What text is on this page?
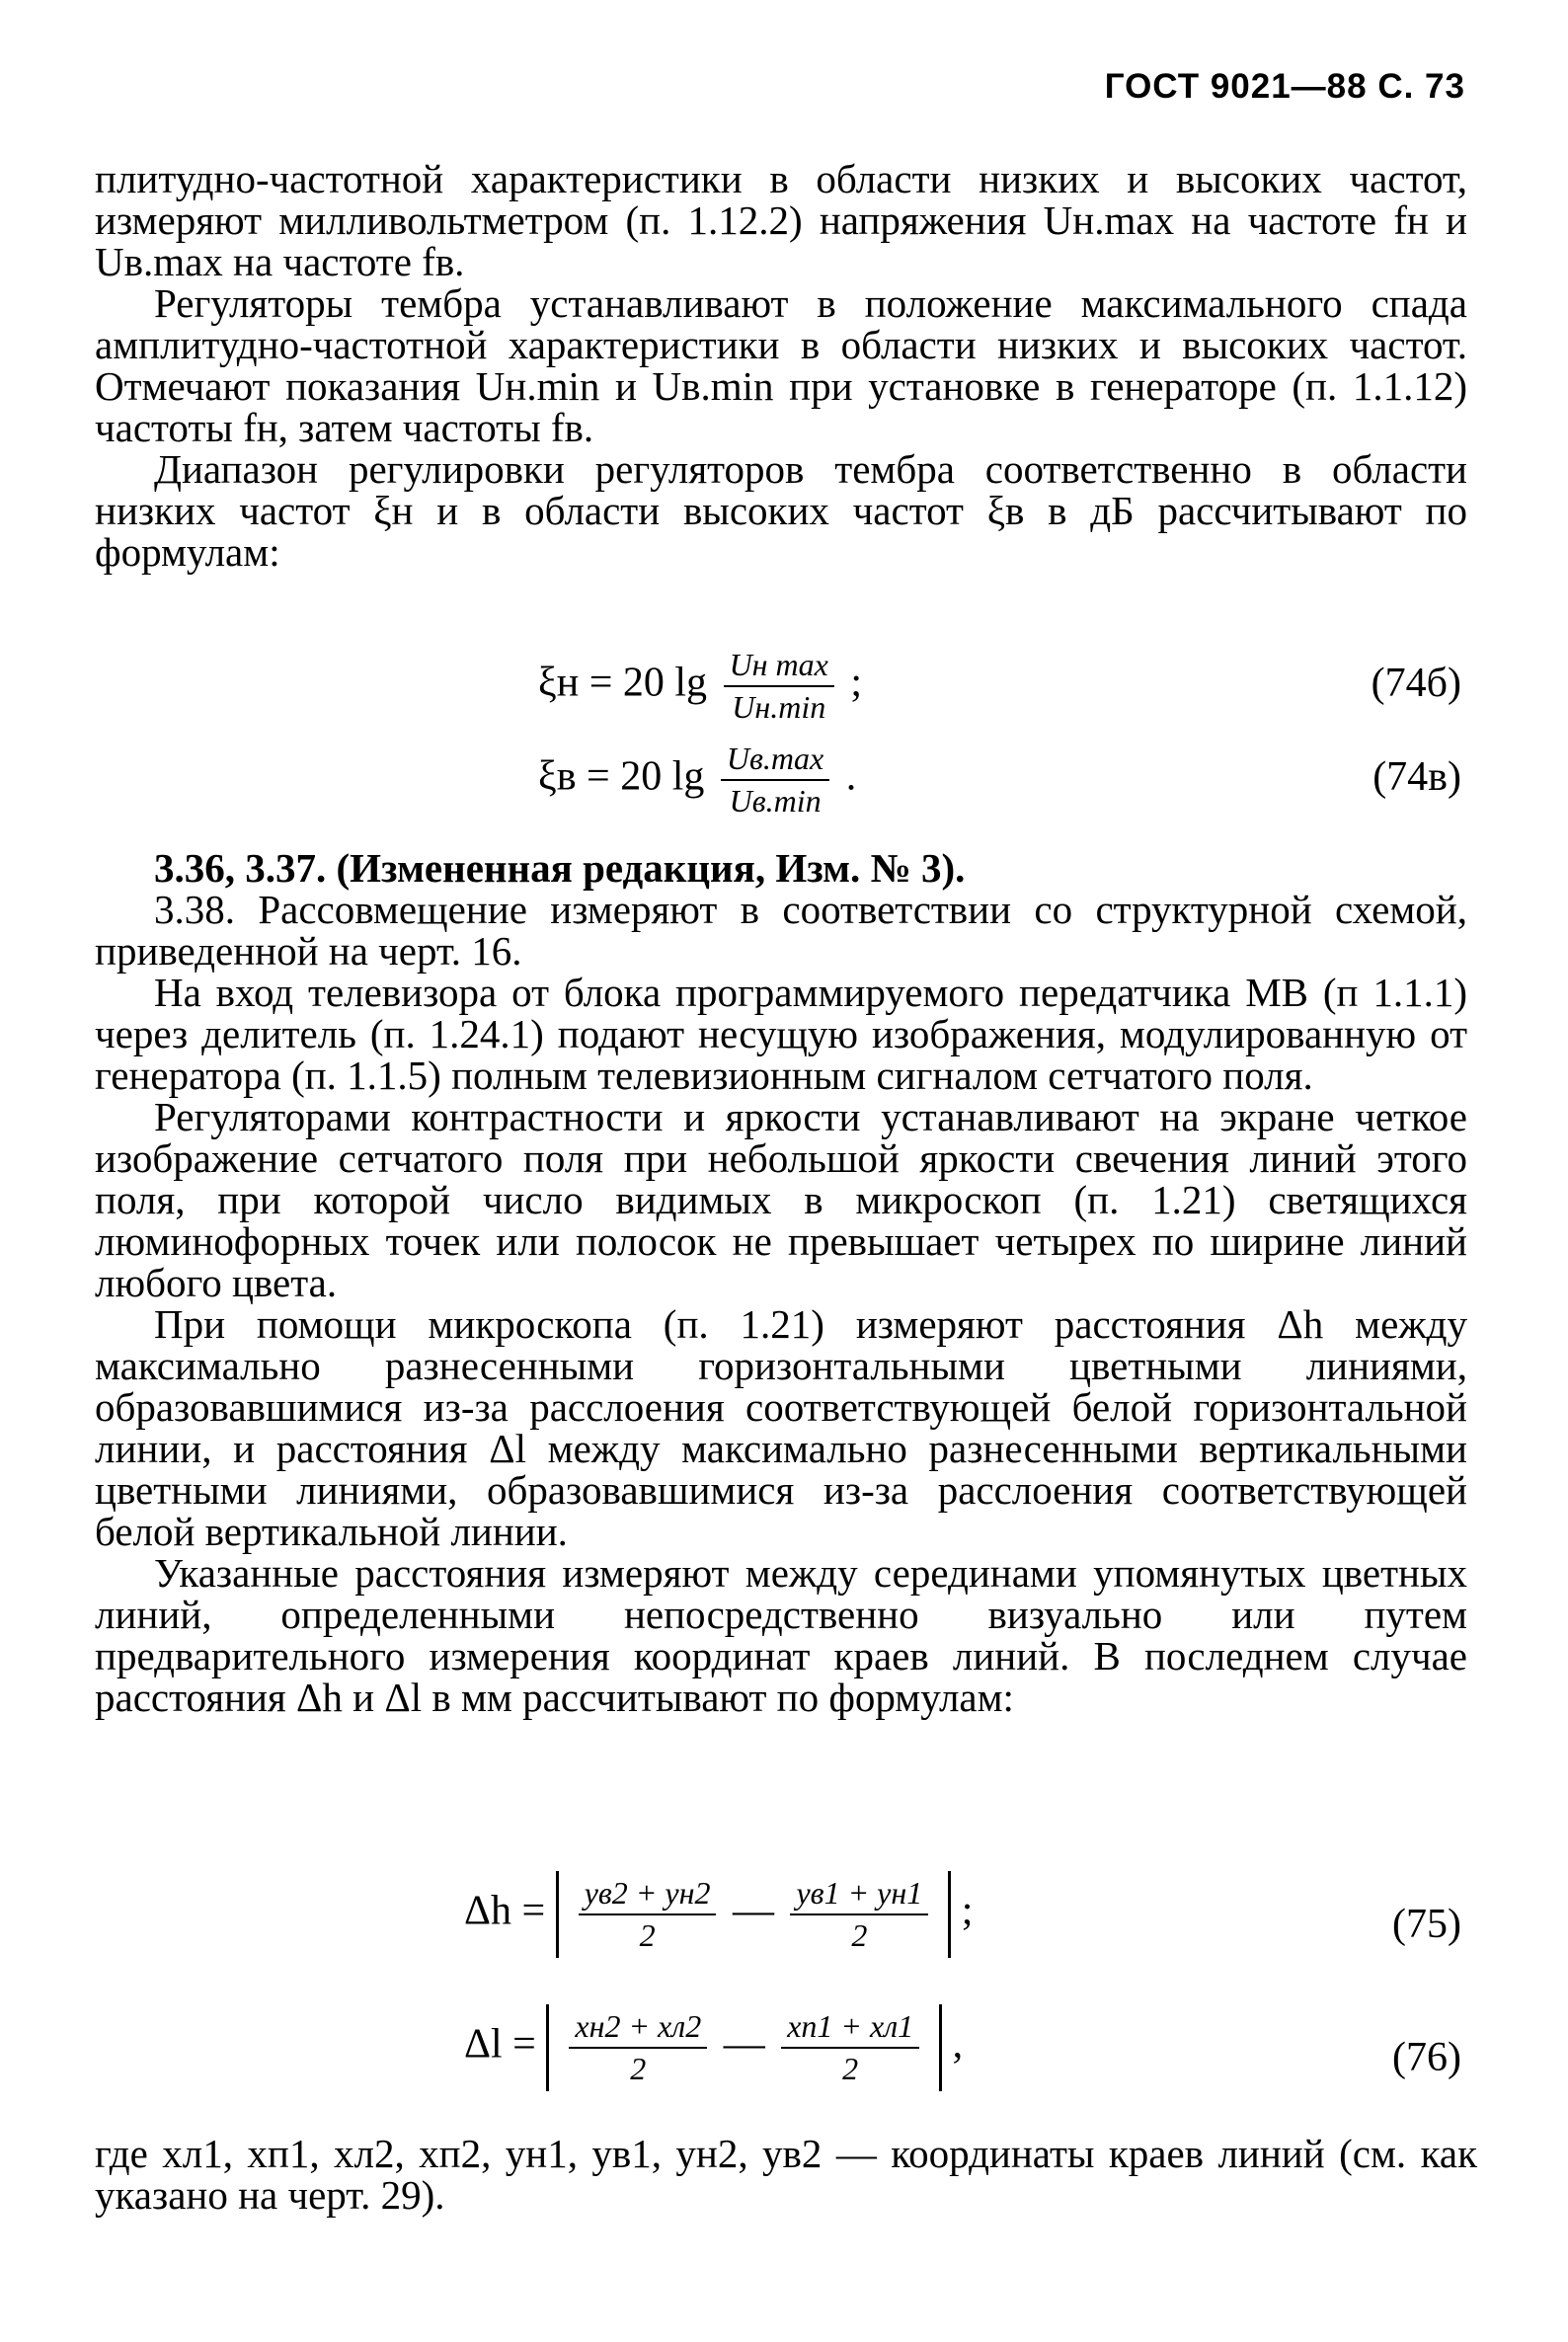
ГОСТ 9021—88 С. 73

плитудно-частотной характеристики в области низких и высоких частот, измеряют милливольтметром (п. 1.12.2) напряжения Uн.max на частоте fн и Uв.max на частоте fв.

Регуляторы тембра устанавливают в положение максимального спада амплитудно-частотной характеристики в области низких и высоких частот. Отмечают показания Uн.min и Uв.min при установке в генераторе (п. 1.1.12) частоты fн, затем частоты fв.

Диапазон регулировки регуляторов тембра соответственно в области низких частот ξн и в области высоких частот ξв в дБ рассчитывают по формулам:

ξн = 20 $\lg \frac{\text{Uн max}}{Uн.\min}$ ;	(74б)
ξв = 20 $\lg \frac{Uв.\max}{Uв.\min}$ .	(74в)

3.36, 3.37. (Измененная редакция, Изм. № 3).

3.38. Рассовмещение измеряют в соответствии со структурной схемой, приведенной на черт. 16.

На вход телевизора от блока программируемого передатчика МВ (п 1.1.1) через делитель (п. 1.24.1) подают несущую изображения, модулированную от генератора (п. 1.1.5) полным телевизионным сигналом сетчатого поля.

Регуляторами контрастности и яркости устанавливают на экране четкое изображение сетчатого поля при небольшой яркости свечения линий этого поля, при которой число видимых в микроскоп (п. 1.21) светящихся люминофорных точек или полосок не превышает четырех по ширине линий любого цвета.

При помощи микроскопа (п. 1.21) измеряют расстояния Δh между максимально разнесенными горизонтальными цветными линиями, образовавшимися из-за расслоения соответствующей белой горизонтальной линии, и расстояния Δl между максимально разнесенными вертикальными цветными линиями, образовавшимися из-за расслоения соответствующей белой вертикальной линии.

Указанные расстояния измеряют между серединами упомянутых цветных линий, определенными непосредственно визуально или путем предварительного измерения координат краев линий. В последнем случае расстояния Δh и Δl в мм рассчитывают по формулам:

$\Delta h = \frac{yв2 + yн2}{2}$ — $\frac{yв1 + yн1}{2}$ ;	(75)
$\Delta l = \frac{xн2 + xл2}{2}$ — $\frac{xп1 + xл1}{2}$ ,	(76)

где xл1, xп1, xл2, xп2, yн1, yв1, yн2, yв2 — координаты краев линий (см. как указано на черт. 29).
